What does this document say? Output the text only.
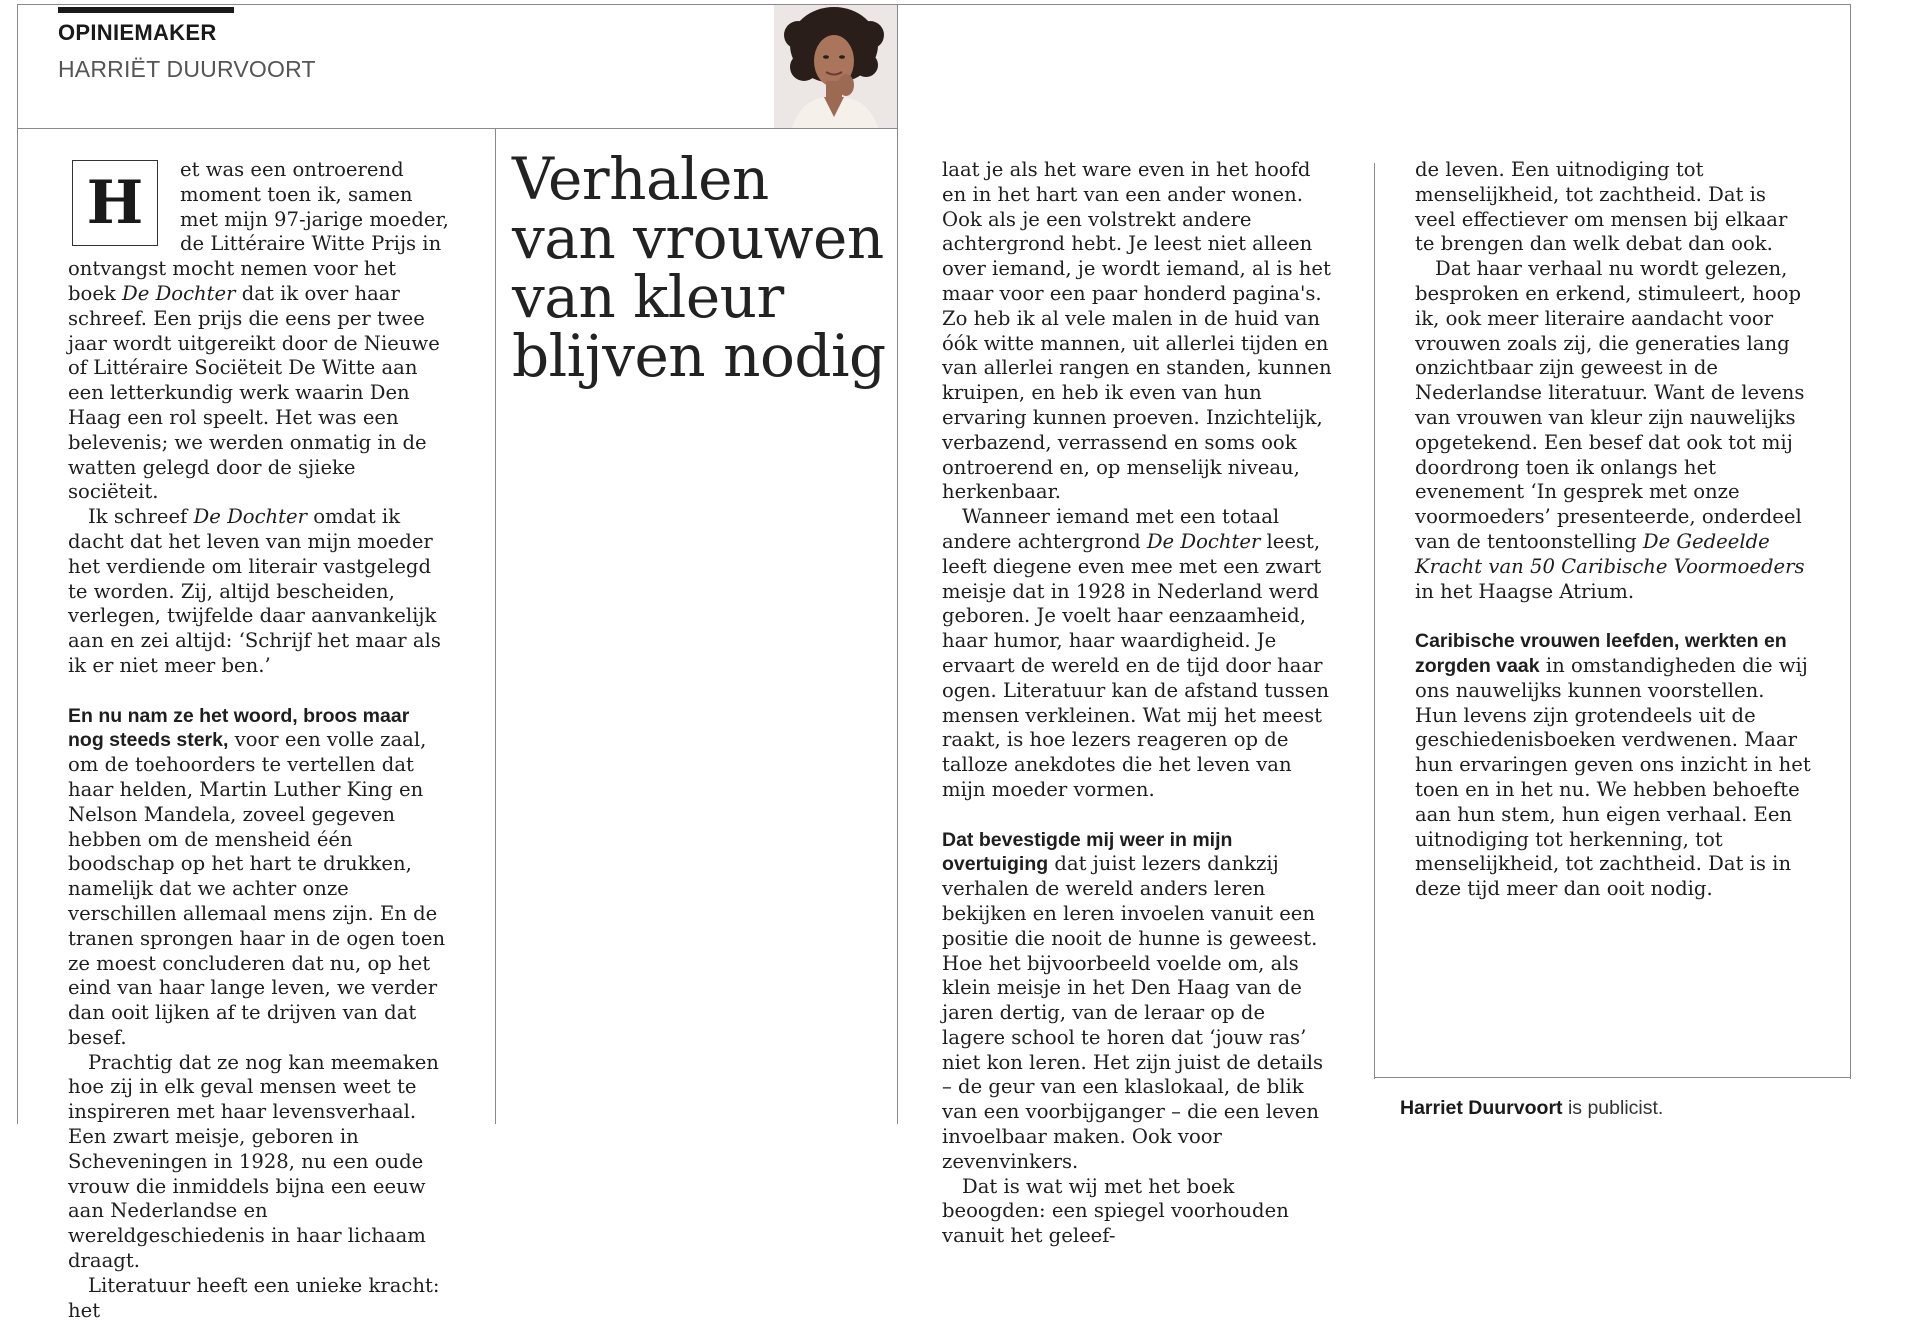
OPINIEMAKER
HARRIËT DUURVOORT
Verhalen
van vrouwen
van kleur
blijven nodig

H	et was een ontroerend moment toen ik, samen met mijn 97-jarige moeder, de Littéraire Witte Prijs in ontvangst mocht nemen voor het boek De Dochter dat ik over haar schreef. Een prijs die eens per twee jaar wordt uitgereikt door de Nieuwe of Littéraire Sociëteit De Witte aan een letterkundig werk waarin Den Haag een rol speelt. Het was een belevenis; we werden onmatig in de watten gelegd door de sjieke sociëteit.

Ik schreef De Dochter omdat ik dacht dat het leven van mijn moeder het verdiende om literair vastgelegd te worden. Zij, altijd bescheiden, verlegen, twijfelde daar aanvankelijk aan en zei altijd: ‘Schrijf het maar als ik er niet meer ben.’

En nu nam ze het woord, broos maar nog steeds sterk, voor een volle zaal, om de toehoorders te vertellen dat haar helden, Martin Luther King en Nelson Mandela, zoveel gegeven hebben om de mensheid één boodschap op het hart te drukken, namelijk dat we achter onze verschillen allemaal mens zijn. En de tranen sprongen haar in de ogen toen ze moest concluderen dat nu, op het eind van haar lange leven, we verder dan ooit lijken af te drijven van dat besef.

Prachtig dat ze nog kan meemaken hoe zij in elk geval mensen weet te inspireren met haar levensverhaal. Een zwart meisje, geboren in Scheveningen in 1928, nu een oude vrouw die inmiddels bijna een eeuw aan Nederlandse en wereldgeschiedenis in haar lichaam draagt.

Literatuur heeft een unieke kracht: het

laat je als het ware even in het hoofd en in het hart van een ander wonen. Ook als je een volstrekt andere achtergrond hebt. Je leest niet alleen over iemand, je wordt iemand, al is het maar voor een paar honderd pagina's. Zo heb ik al vele malen in de huid van óók witte mannen, uit allerlei tijden en van allerlei rangen en standen, kunnen kruipen, en heb ik even van hun ervaring kunnen proeven. Inzichtelijk, verbazend, verrassend en soms ook ontroerend en, op menselijk niveau, herkenbaar.

Wanneer iemand met een totaal andere achtergrond De Dochter leest, leeft diegene even mee met een zwart meisje dat in 1928 in Nederland werd geboren. Je voelt haar eenzaamheid, haar humor, haar waardigheid. Je ervaart de wereld en de tijd door haar ogen. Literatuur kan de afstand tussen mensen verkleinen. Wat mij het meest raakt, is hoe lezers reageren op de talloze anekdotes die het leven van mijn moeder vormen.

Dat bevestigde mij weer in mijn overtuiging dat juist lezers dankzij verhalen de wereld anders leren bekijken en leren invoelen vanuit een positie die nooit de hunne is geweest. Hoe het bijvoorbeeld voelde om, als klein meisje in het Den Haag van de jaren dertig, van de leraar op de lagere school te horen dat ‘jouw ras’ niet kon leren. Het zijn juist de details – de geur van een klaslokaal, de blik van een voorbijganger – die een leven invoelbaar maken. Ook voor zevenvinkers.

Dat is wat wij met het boek beoogden: een spiegel voorhouden vanuit het geleef-

de leven. Een uitnodiging tot menselijkheid, tot zachtheid. Dat is veel effectiever om mensen bij elkaar te brengen dan welk debat dan ook.

Dat haar verhaal nu wordt gelezen, besproken en erkend, stimuleert, hoop ik, ook meer literaire aandacht voor vrouwen zoals zij, die generaties lang onzichtbaar zijn geweest in de Nederlandse literatuur. Want de levens van vrouwen van kleur zijn nauwelijks opgetekend. Een besef dat ook tot mij doordrong toen ik onlangs het evenement ‘In gesprek met onze voormoeders’ presenteerde, onderdeel van de tentoonstelling De Gedeelde Kracht van 50 Caribische Voormoeders in het Haagse Atrium.

Caribische vrouwen leefden, werkten en zorgden vaak in omstandigheden die wij ons nauwelijks kunnen voorstellen. Hun levens zijn grotendeels uit de geschiedenisboeken verdwenen. Maar hun ervaringen geven ons inzicht in het toen en in het nu. We hebben behoefte aan hun stem, hun eigen verhaal. Een uitnodiging tot herkenning, tot menselijkheid, tot zachtheid. Dat is in deze tijd meer dan ooit nodig.

Harriet Duurvoort is publicist.
